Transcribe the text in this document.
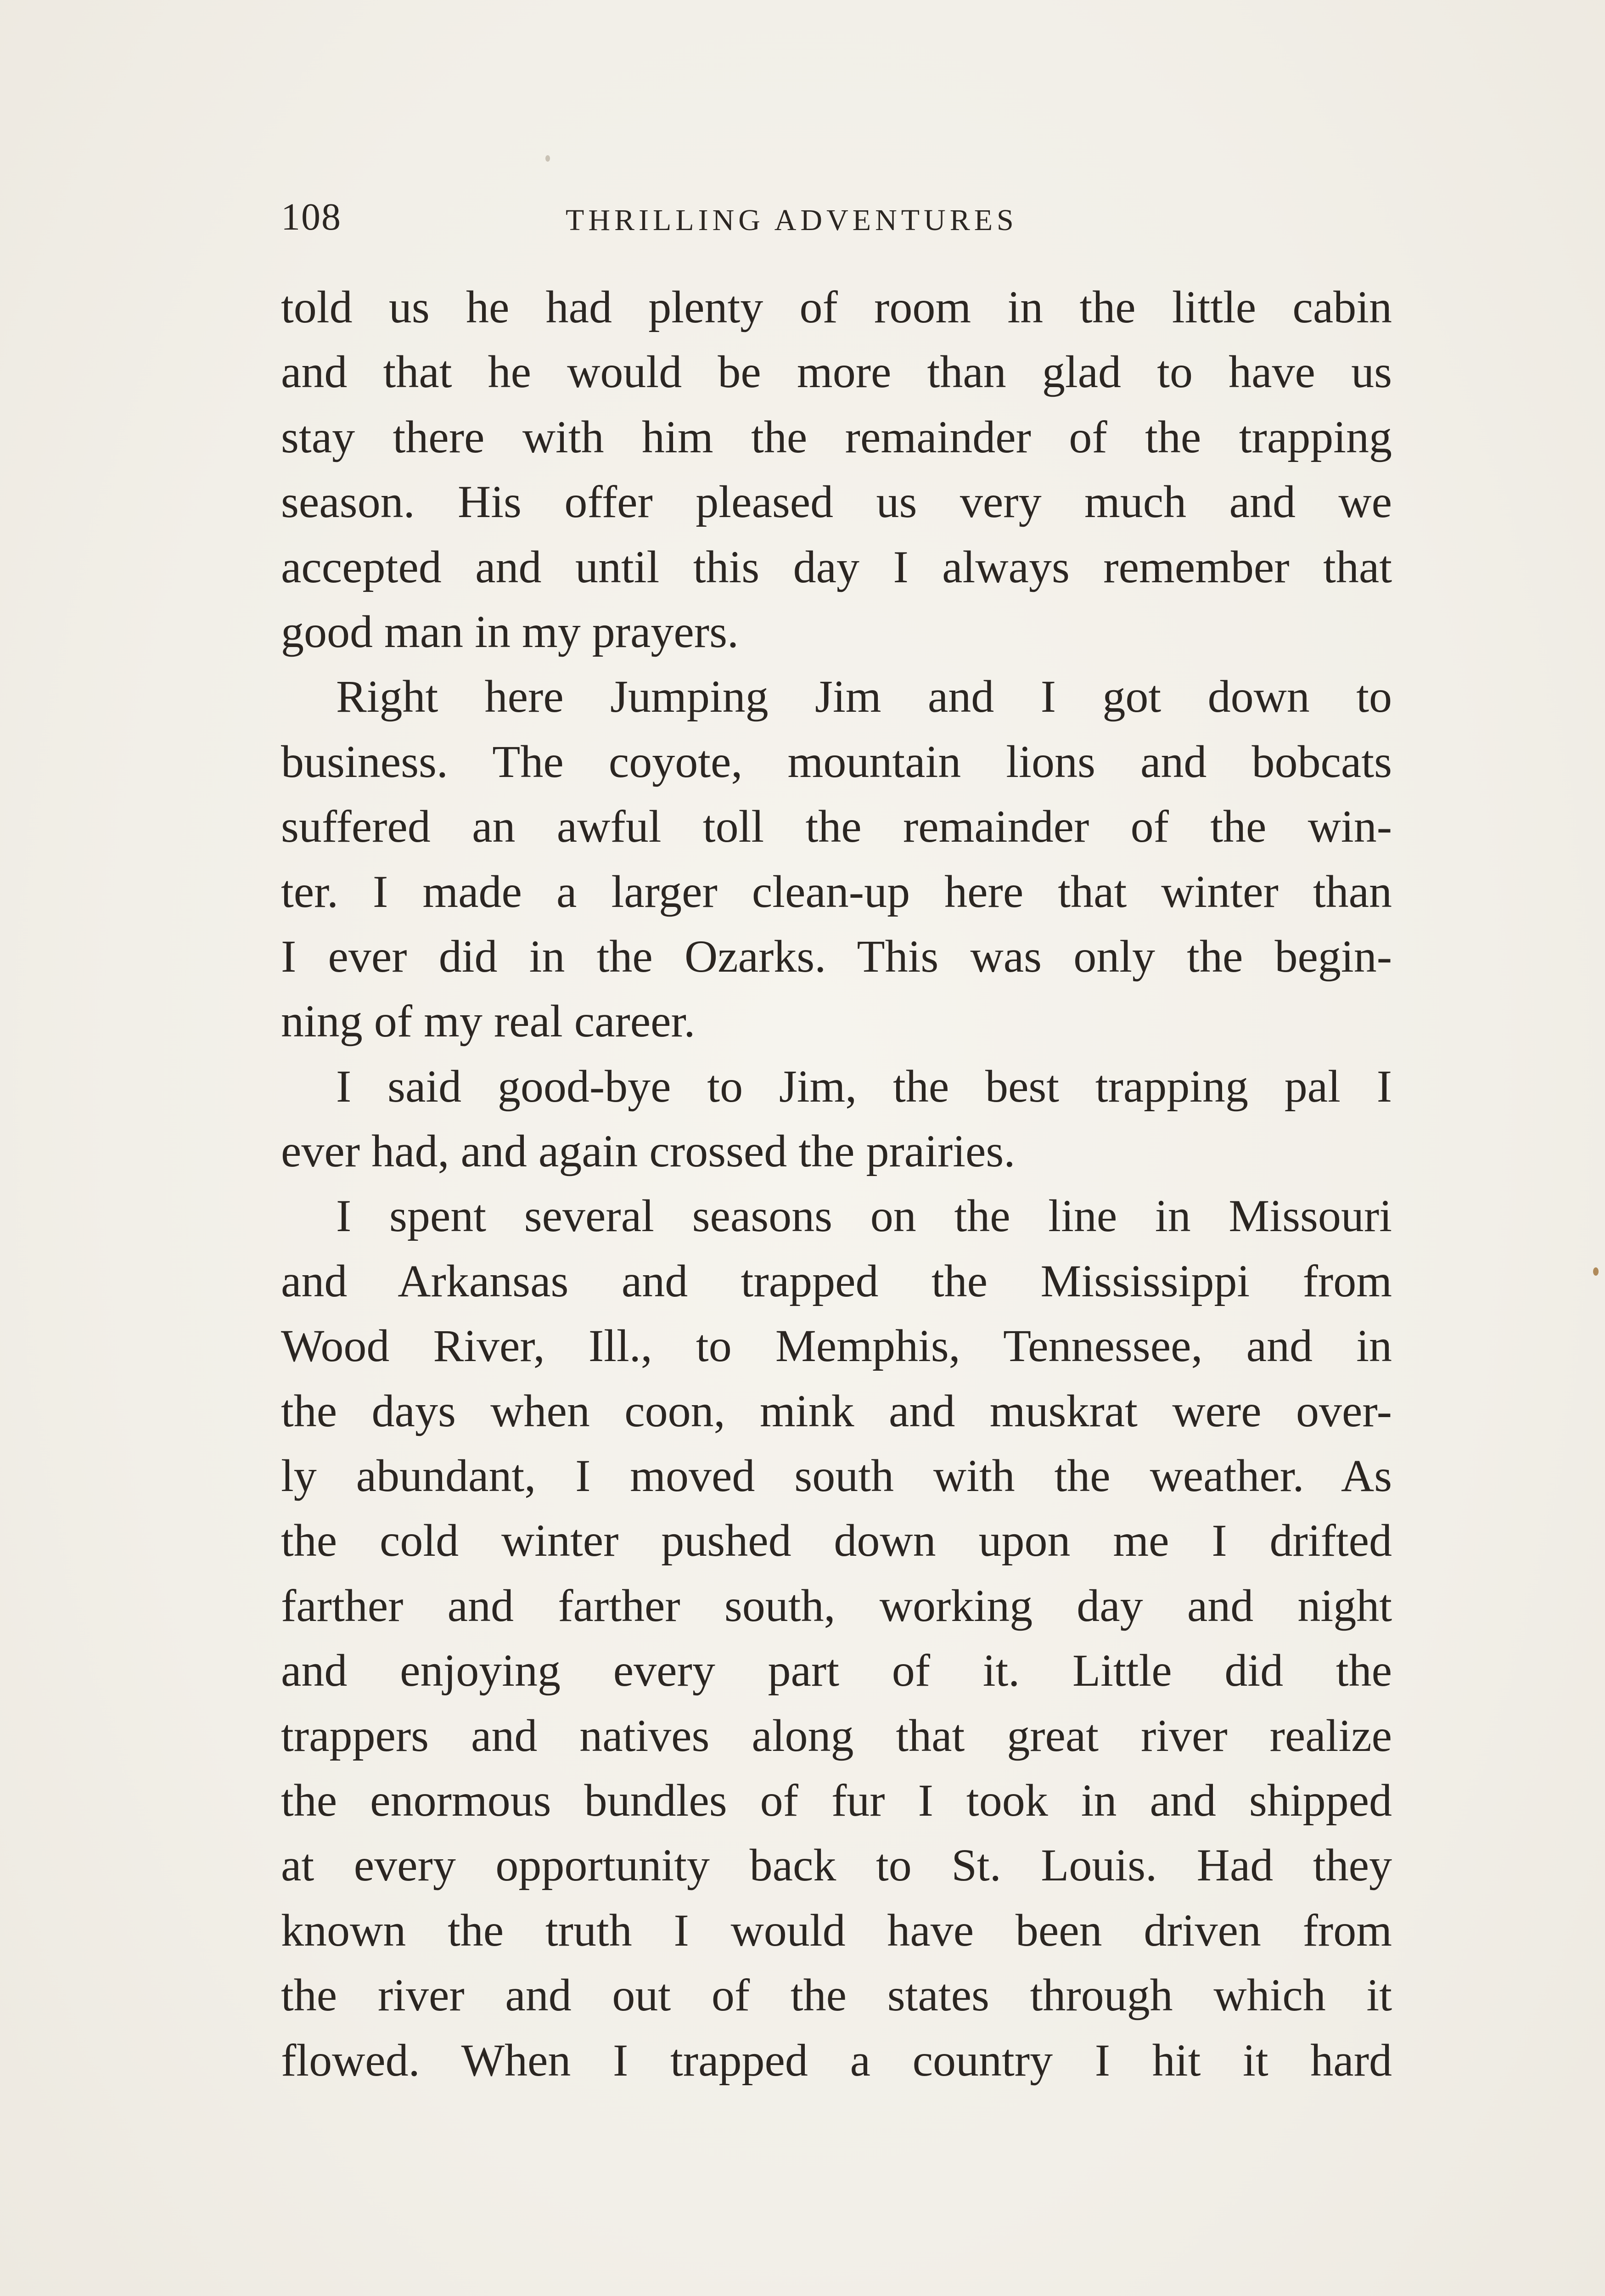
108	THRILLING ADVENTURES
told us he had plenty of room in the little cabin
and that he would be more than glad to have us
stay there with him the remainder of the trapping
season. His offer pleased us very much and we
accepted and until this day I always remember that
good man in my prayers.
Right here Jumping Jim and I got down to
business. The coyote, mountain lions and bobcats
suffered an awful toll the remainder of the win-
ter. I made a larger clean-up here that winter than
I ever did in the Ozarks. This was only the begin-
ning of my real career.
I said good-bye to Jim, the best trapping pal I
ever had, and again crossed the prairies.
I spent several seasons on the line in Missouri
and Arkansas and trapped the Mississippi from
Wood River, Ill., to Memphis, Tennessee, and in
the days when coon, mink and muskrat were over-
ly abundant, I moved south with the weather. As
the cold winter pushed down upon me I drifted
farther and farther south, working day and night
and enjoying every part of it. Little did the
trappers and natives along that great river realize
the enormous bundles of fur I took in and shipped
at every opportunity back to St. Louis. Had they
known the truth I would have been driven from
the river and out of the states through which it
flowed. When I trapped a country I hit it hard
